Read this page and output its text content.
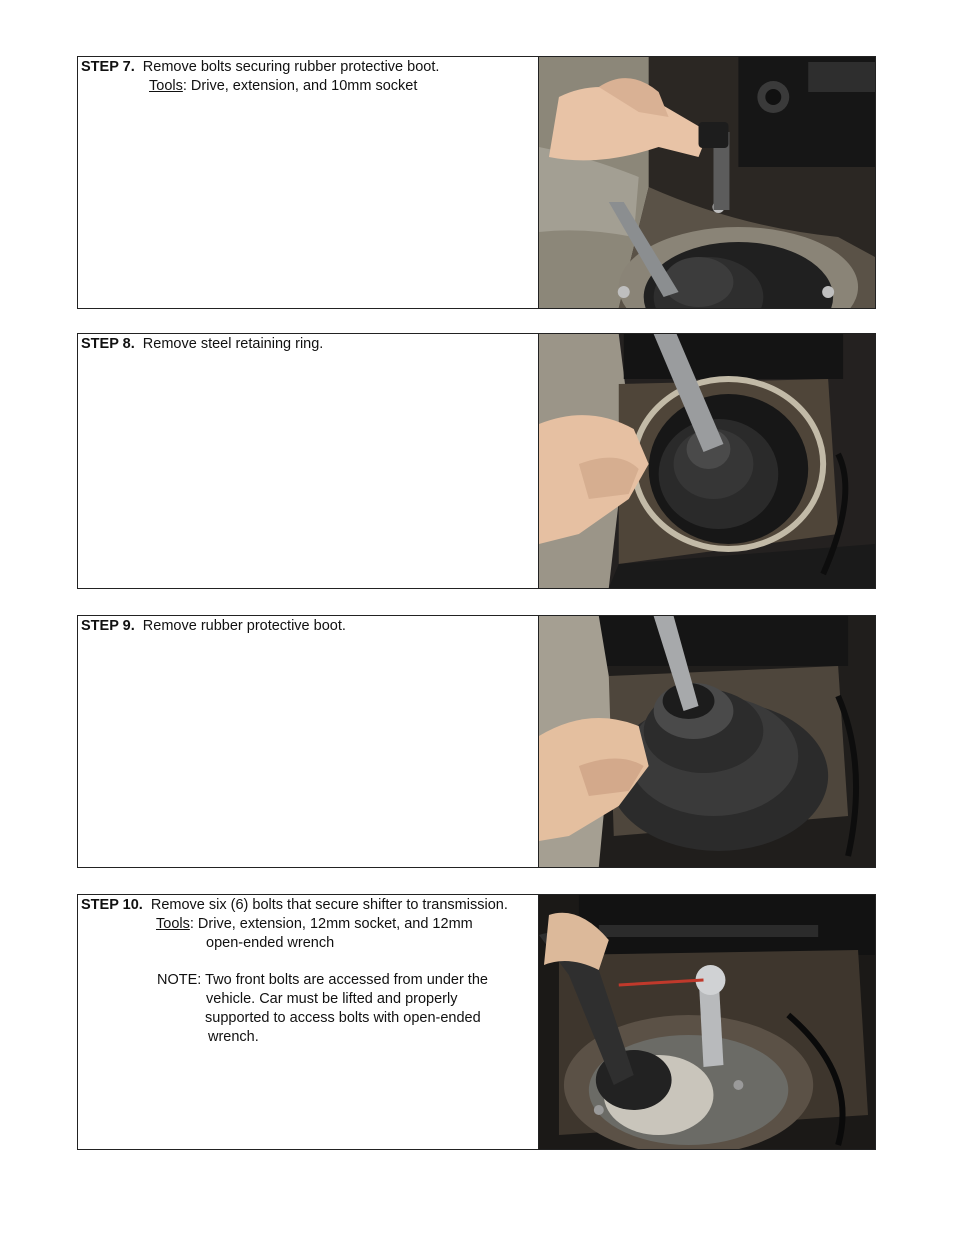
STEP 7. Remove bolts securing rubber protective boot.
Tools: Drive, extension, and 10mm socket
STEP 8. Remove steel retaining ring.
STEP 9. Remove rubber protective boot.
STEP 10. Remove six (6) bolts that secure shifter to transmission.
Tools: Drive, extension, 12mm socket, and 12mm
open-ended wrench
NOTE: Two front bolts are accessed from under the
vehicle. Car must be lifted and properly
supported to access bolts with open-ended
wrench.
